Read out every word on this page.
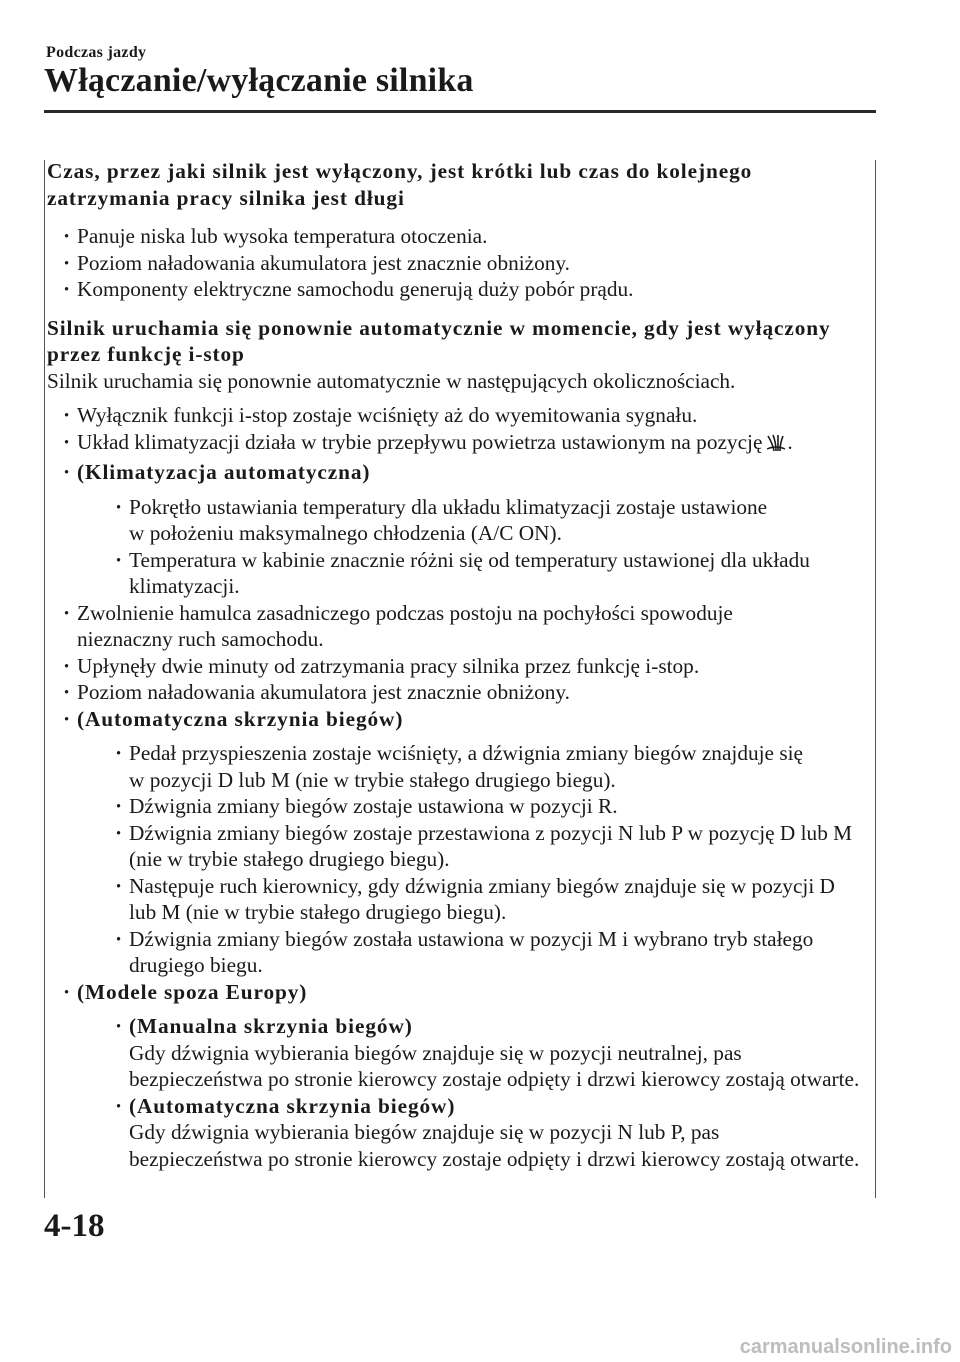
Podczas jazdy
Włączanie/wyłączanie silnika

Czas, przez jaki silnik jest wyłączony, jest krótki lub czas do kolejnego
zatrzymania pracy silnika jest długi

· Panuje niska lub wysoka temperatura otoczenia.
· Poziom naładowania akumulatora jest znacznie obniżony.
· Komponenty elektryczne samochodu generują duży pobór prądu.

Silnik uruchamia się ponownie automatycznie w momencie, gdy jest wyłączony
przez funkcję i-stop

Silnik uruchamia się ponownie automatycznie w następujących okolicznościach.

· Wyłącznik funkcji i-stop zostaje wciśnięty aż do wyemitowania sygnału.
· Układ klimatyzacji działa w trybie przepływu powietrza ustawionym na pozycję .
· (Klimatyzacja automatyczna)
· Pokrętło ustawiania temperatury dla układu klimatyzacji zostaje ustawione
w położeniu maksymalnego chłodzenia (A/C ON).
· Temperatura w kabinie znacznie różni się od temperatury ustawionej dla układu
klimatyzacji.
· Zwolnienie hamulca zasadniczego podczas postoju na pochyłości spowoduje
nieznaczny ruch samochodu.
· Upłynęły dwie minuty od zatrzymania pracy silnika przez funkcję i-stop.
· Poziom naładowania akumulatora jest znacznie obniżony.
· (Automatyczna skrzynia biegów)
· Pedał przyspieszenia zostaje wciśnięty, a dźwignia zmiany biegów znajduje się
w pozycji D lub M (nie w trybie stałego drugiego biegu).
· Dźwignia zmiany biegów zostaje ustawiona w pozycji R.
· Dźwignia zmiany biegów zostaje przestawiona z pozycji N lub P w pozycję D lub M
(nie w trybie stałego drugiego biegu).
· Następuje ruch kierownicy, gdy dźwignia zmiany biegów znajduje się w pozycji D
lub M (nie w trybie stałego drugiego biegu).
· Dźwignia zmiany biegów została ustawiona w pozycji M i wybrano tryb stałego
drugiego biegu.
· (Modele spoza Europy)
· (Manualna skrzynia biegów)
Gdy dźwignia wybierania biegów znajduje się w pozycji neutralnej, pas
bezpieczeństwa po stronie kierowcy zostaje odpięty i drzwi kierowcy zostają otwarte.
· (Automatyczna skrzynia biegów)
Gdy dźwignia wybierania biegów znajduje się w pozycji N lub P, pas
bezpieczeństwa po stronie kierowcy zostaje odpięty i drzwi kierowcy zostają otwarte.
4-18
carmanualsonline.info
